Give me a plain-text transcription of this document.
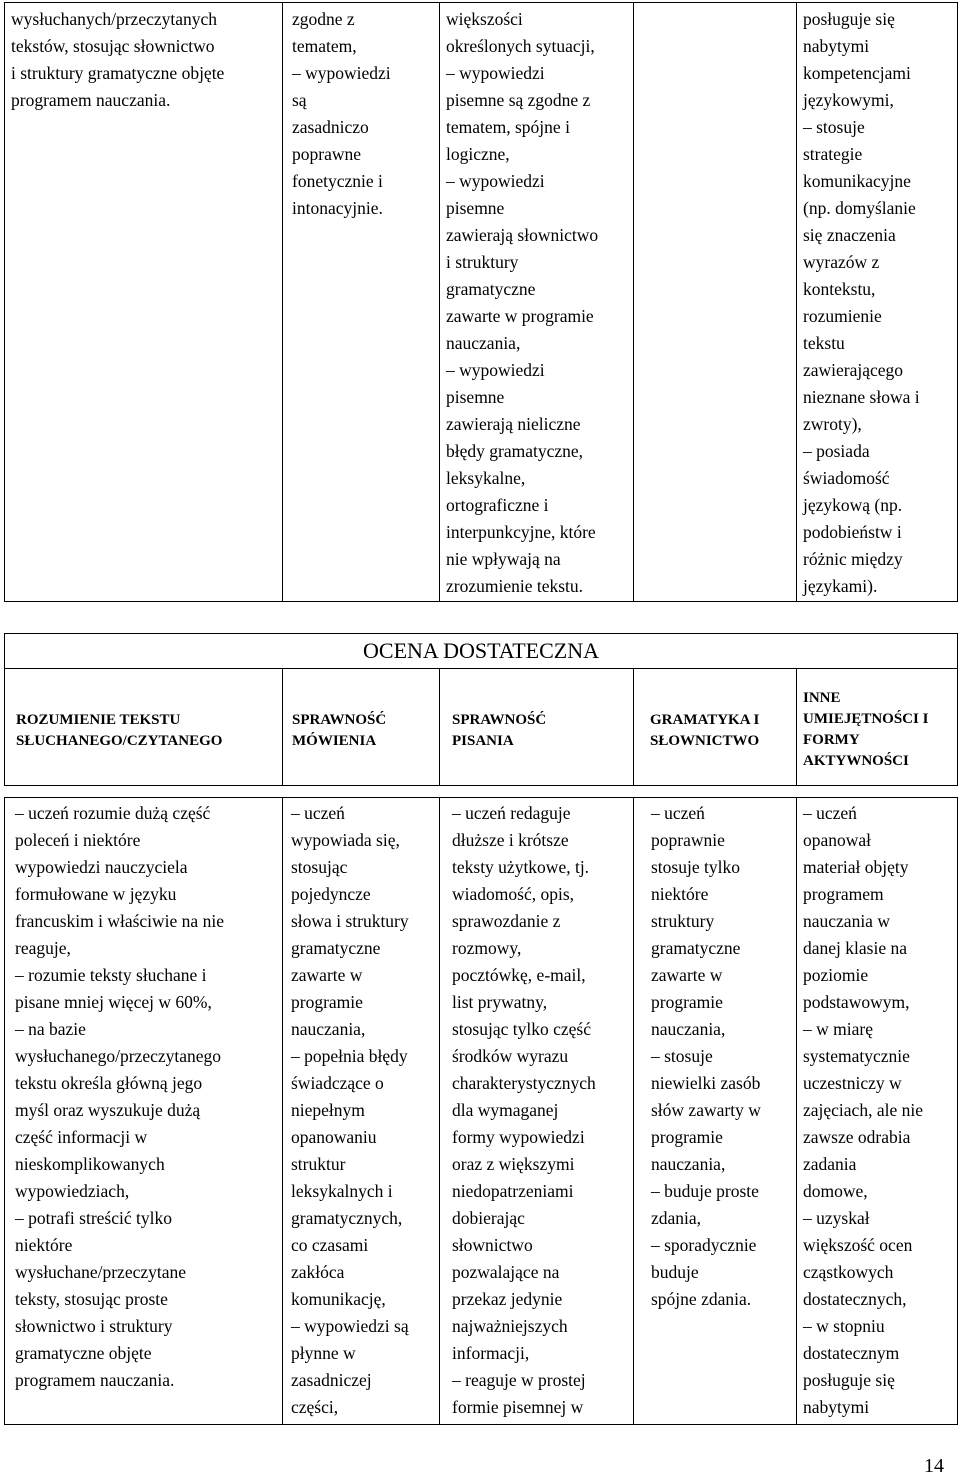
wysłuchanych/przeczytanych
tekstów, stosując słownictwo
i struktury gramatyczne objęte
programem nauczania.
zgodne z
tematem,
– wypowiedzi
są
zasadniczo
poprawne
fonetycznie i
intonacyjnie.
większości
określonych sytuacji,
– wypowiedzi
pisemne są zgodne z
tematem, spójne i
logiczne,
– wypowiedzi
pisemne
zawierają słownictwo
i struktury
gramatyczne
zawarte w programie
nauczania,
– wypowiedzi
pisemne
zawierają nieliczne
błędy gramatyczne,
leksykalne,
ortograficzne i
interpunkcyjne, które
nie wpływają na
zrozumienie tekstu.
posługuje się
nabytymi
kompetencjami
językowymi,
– stosuje
strategie
komunikacyjne
(np. domyślanie
się znaczenia
wyrazów z
kontekstu,
rozumienie
tekstu
zawierającego
nieznane słowa i
zwroty),
– posiada
świadomość
językową (np.
podobieństw i
różnic między
językami).
OCENA DOSTATECZNA
ROZUMIENIE TEKSTU
SŁUCHANEGO/CZYTANEGO
SPRAWNOŚĆ
MÓWIENIA
SPRAWNOŚĆ
PISANIA
GRAMATYKA I
SŁOWNICTWO
INNE
UMIEJĘTNOŚCI I
FORMY
AKTYWNOŚCI
– uczeń rozumie dużą część
poleceń i niektóre
wypowiedzi nauczyciela
formułowane w języku
francuskim i właściwie na nie
reaguje,
– rozumie teksty słuchane i
pisane mniej więcej w 60%,
– na bazie
wysłuchanego/przeczytanego
tekstu określa główną jego
myśl oraz wyszukuje dużą
część informacji w
nieskomplikowanych
wypowiedziach,
– potrafi streścić tylko
niektóre
wysłuchane/przeczytane
teksty, stosując proste
słownictwo i struktury
gramatyczne objęte
programem nauczania.
– uczeń
wypowiada się,
stosując
pojedyncze
słowa i struktury
gramatyczne
zawarte w
programie
nauczania,
– popełnia błędy
świadczące o
niepełnym
opanowaniu
struktur
leksykalnych i
gramatycznych,
co czasami
zakłóca
komunikację,
– wypowiedzi są
płynne w
zasadniczej
części,
– uczeń redaguje
dłuższe i krótsze
teksty użytkowe, tj.
wiadomość, opis,
sprawozdanie z
rozmowy,
pocztówkę, e-mail,
list prywatny,
stosując tylko część
środków wyrazu
charakterystycznych
dla wymaganej
formy wypowiedzi
oraz z większymi
niedopatrzeniami
dobierając
słownictwo
pozwalające na
przekaz jedynie
najważniejszych
informacji,
– reaguje w prostej
formie pisemnej w
– uczeń
poprawnie
stosuje tylko
niektóre
struktury
gramatyczne
zawarte w
programie
nauczania,
– stosuje
niewielki zasób
słów zawarty w
programie
nauczania,
– buduje proste
zdania,
– sporadycznie
buduje
spójne zdania.
– uczeń
opanował
materiał objęty
programem
nauczania w
danej klasie na
poziomie
podstawowym,
– w miarę
systematycznie
uczestniczy w
zajęciach, ale nie
zawsze odrabia
zadania
domowe,
– uzyskał
większość ocen
cząstkowych
dostatecznych,
– w stopniu
dostatecznym
posługuje się
nabytymi
14
